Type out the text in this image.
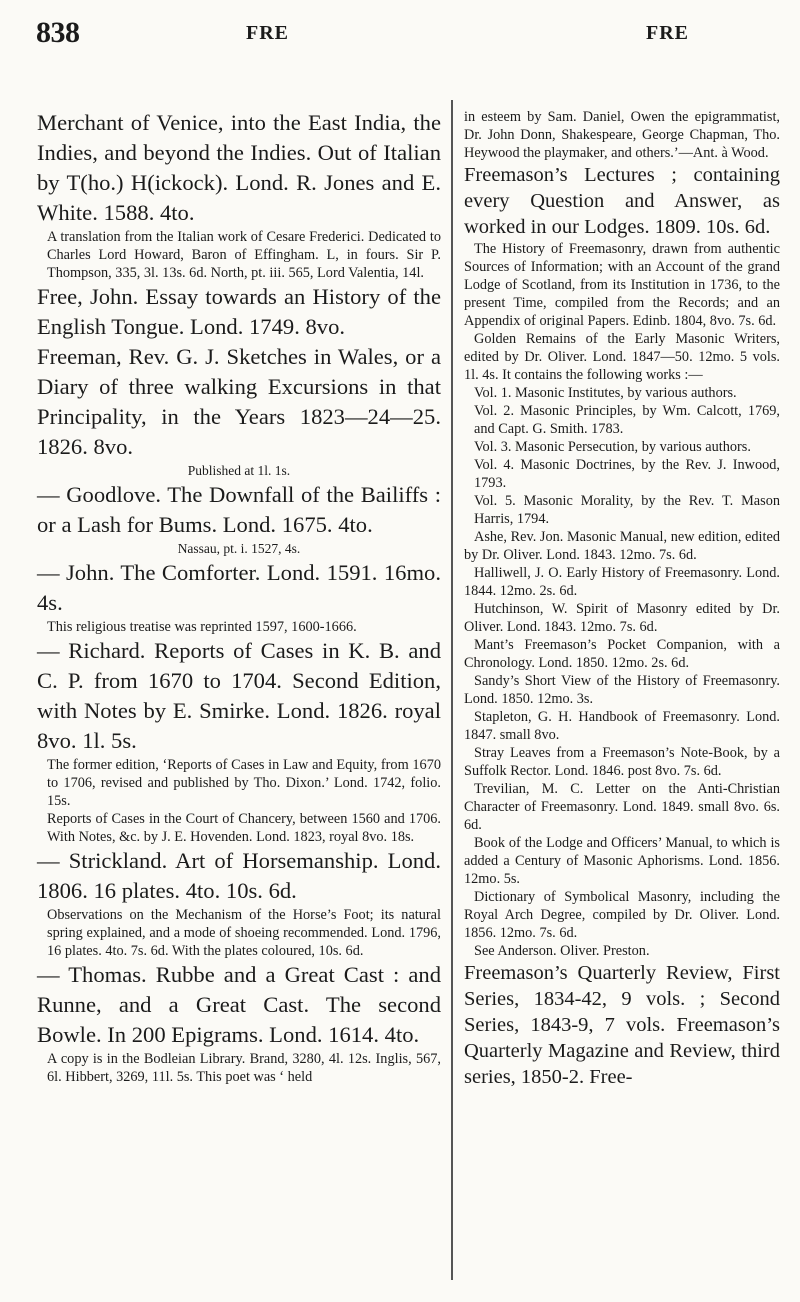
838	FRE	FRE

Merchant of Venice, into the East India, the Indies, and beyond the Indies. Out of Italian by T(ho.) H(ickock). Lond. R. Jones and E. White. 1588. 4to.

A translation from the Italian work of Cesare Frederici. Dedicated to Charles Lord Howard, Baron of Effingham. L, in fours. Sir P. Thompson, 335, 3l. 13s. 6d. North, pt. iii. 565, Lord Valentia, 14l.

Free, John. Essay towards an History of the English Tongue. Lond. 1749. 8vo.

Freeman, Rev. G. J. Sketches in Wales, or a Diary of three walking Excursions in that Principality, in the Years 1823—24—25. 1826. 8vo.

Published at 1l. 1s.

— Goodlove. The Downfall of the Bailiffs : or a Lash for Bums. Lond. 1675. 4to.

Nassau, pt. i. 1527, 4s.

— John. The Comforter. Lond. 1591. 16mo. 4s.

This religious treatise was reprinted 1597, 1600-1666.

— Richard. Reports of Cases in K. B. and C. P. from 1670 to 1704. Second Edition, with Notes by E. Smirke. Lond. 1826. royal 8vo. 1l. 5s.

The former edition, ‘Reports of Cases in Law and Equity, from 1670 to 1706, revised and published by Tho. Dixon.’ Lond. 1742, folio. 15s.

Reports of Cases in the Court of Chancery, between 1560 and 1706. With Notes, &c. by J. E. Hovenden. Lond. 1823, royal 8vo. 18s.

— Strickland. Art of Horsemanship. Lond. 1806. 16 plates. 4to. 10s. 6d.

Observations on the Mechanism of the Horse’s Foot; its natural spring explained, and a mode of shoeing recommended. Lond. 1796, 16 plates. 4to. 7s. 6d. With the plates coloured, 10s. 6d.

— Thomas. Rubbe and a Great Cast : and Runne, and a Great Cast. The second Bowle. In 200 Epigrams. Lond. 1614. 4to.

A copy is in the Bodleian Library. Brand, 3280, 4l. 12s. Inglis, 567, 6l. Hibbert, 3269, 11l. 5s. This poet was ‘ held

in esteem by Sam. Daniel, Owen the epigrammatist, Dr. John Donn, Shakespeare, George Chapman, Tho. Heywood the playmaker, and others.’—Ant. à Wood.

Freemason’s Lectures ; containing every Question and Answer, as worked in our Lodges. 1809. 10s. 6d.

The History of Freemasonry, drawn from authentic Sources of Information; with an Account of the grand Lodge of Scotland, from its Institution in 1736, to the present Time, compiled from the Records; and an Appendix of original Papers. Edinb. 1804, 8vo. 7s. 6d.

Golden Remains of the Early Masonic Writers, edited by Dr. Oliver. Lond. 1847—50. 12mo. 5 vols. 1l. 4s. It contains the following works :—

Vol. 1. Masonic Institutes, by various authors.

Vol. 2. Masonic Principles, by Wm. Calcott, 1769, and Capt. G. Smith. 1783.

Vol. 3. Masonic Persecution, by various authors.

Vol. 4. Masonic Doctrines, by the Rev. J. Inwood, 1793.

Vol. 5. Masonic Morality, by the Rev. T. Mason Harris, 1794.

Ashe, Rev. Jon. Masonic Manual, new edition, edited by Dr. Oliver. Lond. 1843. 12mo. 7s. 6d.

Halliwell, J. O. Early History of Freemasonry. Lond. 1844. 12mo. 2s. 6d.

Hutchinson, W. Spirit of Masonry edited by Dr. Oliver. Lond. 1843. 12mo. 7s. 6d.

Mant’s Freemason’s Pocket Companion, with a Chronology. Lond. 1850. 12mo. 2s. 6d.

Sandy’s Short View of the History of Freemasonry. Lond. 1850. 12mo. 3s.

Stapleton, G. H. Handbook of Freemasonry. Lond. 1847. small 8vo.

Stray Leaves from a Freemason’s Note-Book, by a Suffolk Rector. Lond. 1846. post 8vo. 7s. 6d.

Trevilian, M. C. Letter on the Anti-Christian Character of Freemasonry. Lond. 1849. small 8vo. 6s. 6d.

Book of the Lodge and Officers’ Manual, to which is added a Century of Masonic Aphorisms. Lond. 1856. 12mo. 5s.

Dictionary of Symbolical Masonry, including the Royal Arch Degree, compiled by Dr. Oliver. Lond. 1856. 12mo. 7s. 6d.

See Anderson. Oliver. Preston.

Freemason’s Quarterly Review, First Series, 1834-42, 9 vols. ; Second Series, 1843-9, 7 vols. Freemason’s Quarterly Magazine and Review, third series, 1850-2. Free-
